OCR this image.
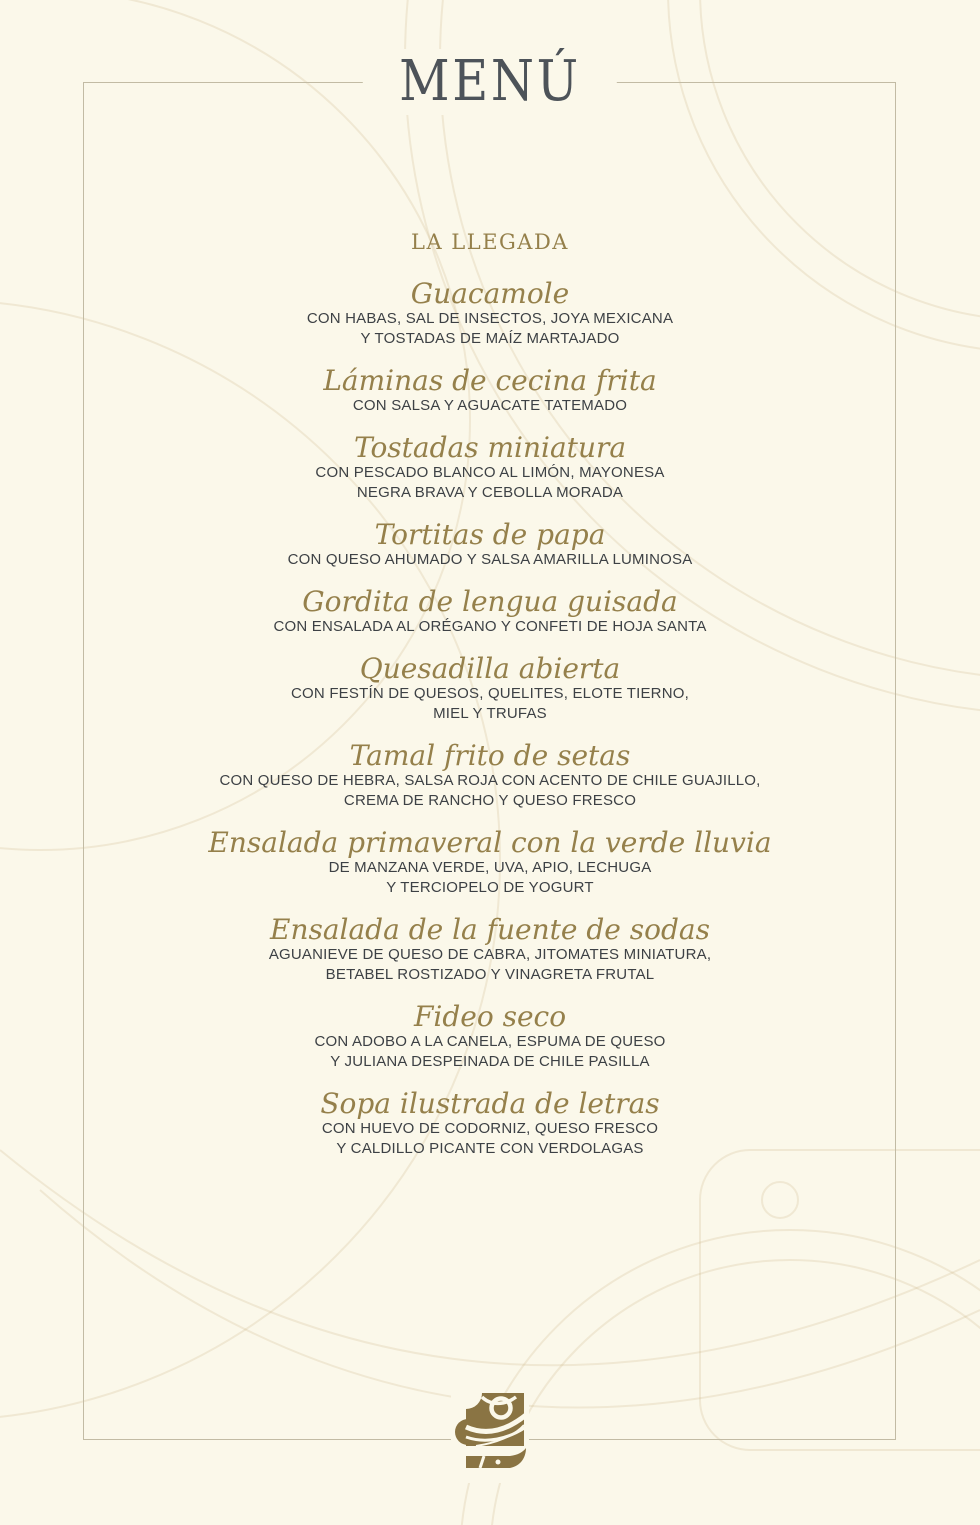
MENÚ
LA LLEGADA
Guacamole
CON HABAS, SAL DE INSECTOS, JOYA MEXICANA
Y TOSTADAS DE MAÍZ MARTAJADO
Láminas de cecina frita
CON SALSA Y AGUACATE TATEMADO
Tostadas miniatura
CON PESCADO BLANCO AL LIMÓN, MAYONESA
NEGRA BRAVA Y CEBOLLA MORADA
Tortitas de papa
CON QUESO AHUMADO Y SALSA AMARILLA LUMINOSA
Gordita de lengua guisada
CON ENSALADA AL ORÉGANO Y CONFETI DE HOJA SANTA
Quesadilla abierta
CON FESTÍN DE QUESOS, QUELITES, ELOTE TIERNO,
MIEL Y TRUFAS
Tamal frito de setas
CON QUESO DE HEBRA, SALSA ROJA CON ACENTO DE CHILE GUAJILLO,
CREMA DE RANCHO Y QUESO FRESCO
Ensalada primaveral con la verde lluvia
DE MANZANA VERDE, UVA, APIO, LECHUGA
Y TERCIOPELO DE YOGURT
Ensalada de la fuente de sodas
AGUANIEVE DE QUESO DE CABRA, JITOMATES MINIATURA,
BETABEL ROSTIZADO Y VINAGRETA FRUTAL
Fideo seco
CON ADOBO A LA CANELA, ESPUMA DE QUESO
Y JULIANA DESPEINADA DE CHILE PASILLA
Sopa ilustrada de letras
CON HUEVO DE CODORNIZ, QUESO FRESCO
Y CALDILLO PICANTE CON VERDOLAGAS
